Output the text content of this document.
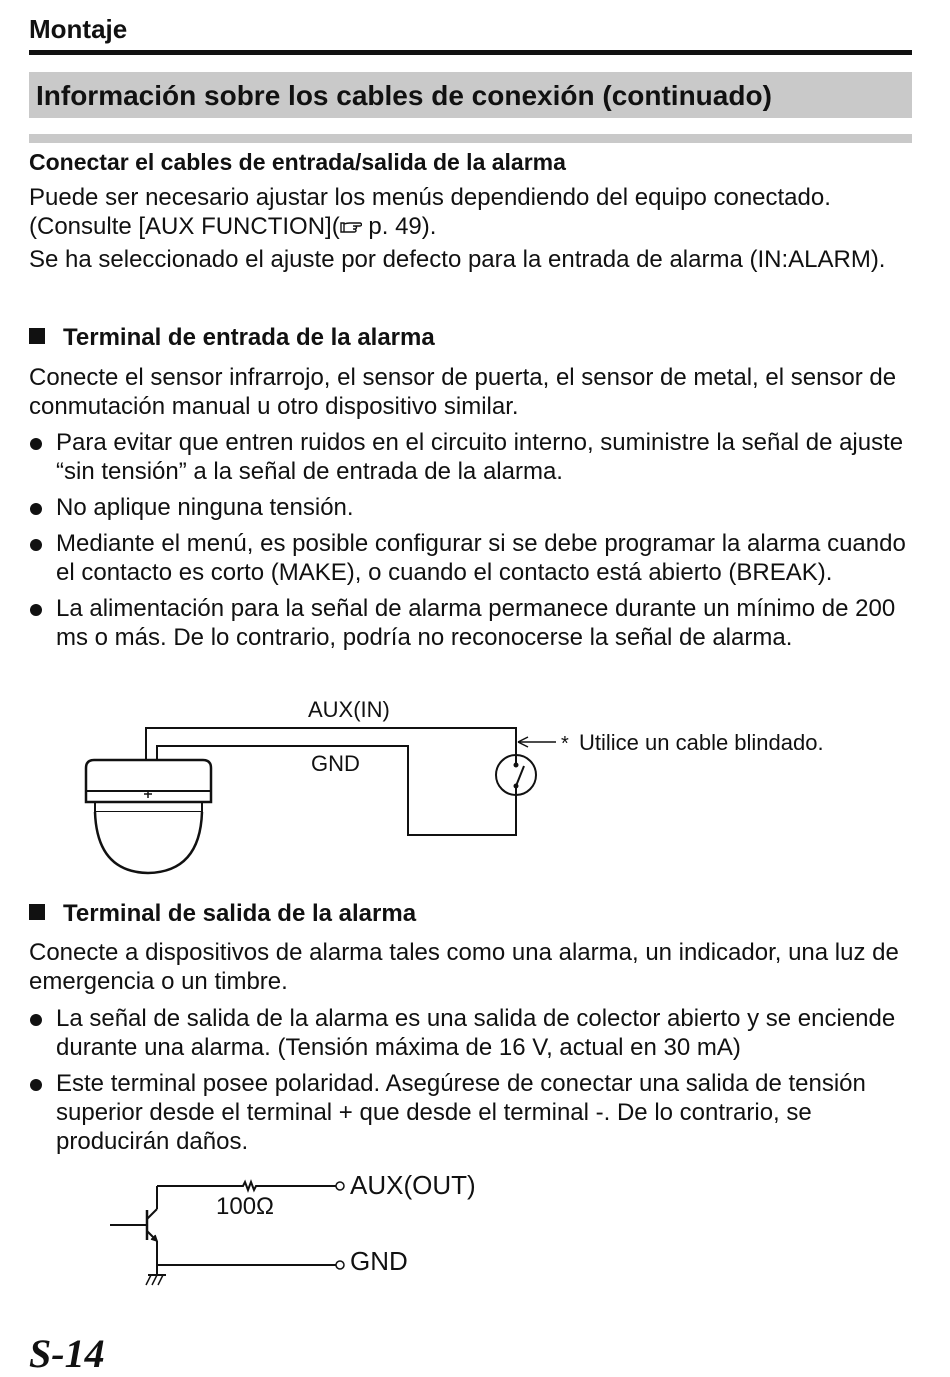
Montaje
Información sobre los cables de conexión (continuado)
Conectar el cables de entrada/salida de la alarma

Puede ser necesario ajustar los menús dependiendo del equipo conectado. (Consulte [AUX FUNCTION]( p. 49).

Se ha seleccionado el ajuste por defecto para la entrada de alarma (IN:ALARM).

Terminal de entrada de la alarma

Conecte el sensor infrarrojo, el sensor de puerta, el sensor de metal, el sensor de conmutación manual u otro dispositivo similar.

Para evitar que entren ruidos en el circuito interno, suministre la señal de ajuste “sin tensión” a la señal de entrada de la alarma.
No aplique ninguna tensión.
Mediante el menú, es posible configurar si se debe programar la alarma cuando el contacto es corto (MAKE), o cuando el contacto está abierto (BREAK).
La alimentación para la señal de alarma permanece durante un mínimo de 200 ms o más. De lo contrario, podría no reconocerse la señal de alarma.
AUX(IN)
GND
* Utilice un cable blindado.
Terminal de salida de la alarma

Conecte a dispositivos de alarma tales como una alarma, un indicador, una luz de emergencia o un timbre.

La señal de salida de la alarma es una salida de colector abierto y se enciende durante una alarma. (Tensión máxima de 16 V, actual en 30 mA)
Este terminal posee polaridad. Asegúrese de conectar una salida de tensión superior desde el terminal + que desde el terminal -. De lo contrario, se producirán daños.
100Ω
AUX(OUT)
GND
S-14
